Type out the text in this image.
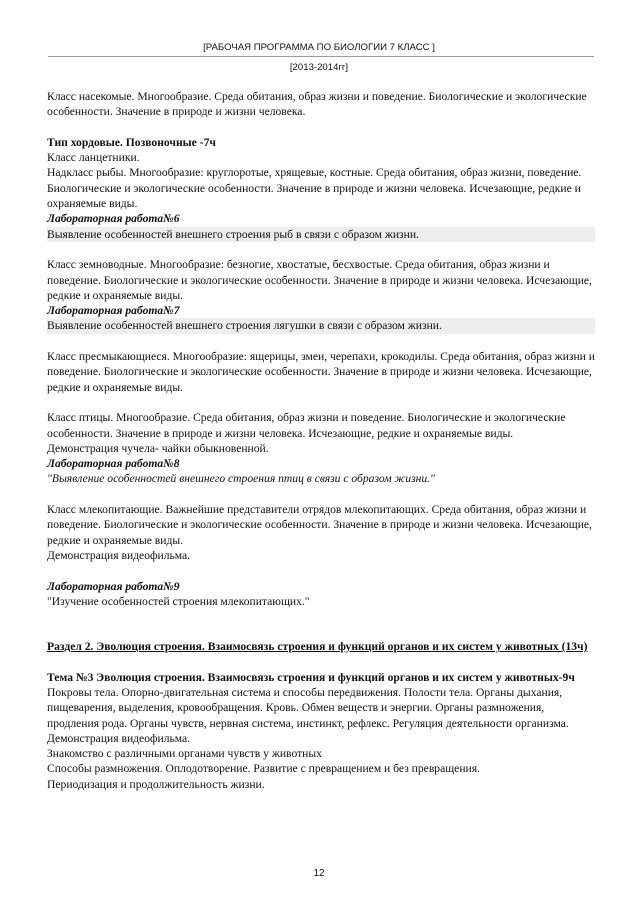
[РАБОЧАЯ ПРОГРАММА ПО БИОЛОГИИ 7 КЛАСС ]
[2013-2014гг]

Класс насекомые. Многообразие. Среда обитания, образ жизни и поведение. Биологические и экологические особенности. Значение в природе и жизни человека.

Тип хордовые. Позвоночные -7ч

Класс ланцетники.

Надкласс рыбы. Многообразие: круглоротые, хрящевые, костные. Среда обитания, образ жизни, поведение. Биологические и экологические особенности. Значение в природе и жизни человека. Исчезающие, редкие и охраняемые виды.

Лабораторная работа№6

Выявление особенностей внешнего строения рыб в связи с образом жизни.

Класс земноводные. Многообразие: безногие, хвостатые, бесхвостые. Среда обитания, образ жизни и поведение. Биологические и экологические особенности. Значение в природе и жизни человека. Исчезающие, редкие и охраняемые виды.

Лабораторная работа№7

Выявление особенностей внешнего строения лягушки в связи с образом жизни.

Класс пресмыкающиеся. Многообразие: ящерицы, змеи, черепахи, крокодилы. Среда обитания, образ жизни и поведение. Биологические и экологические особенности. Значение в природе и жизни человека. Исчезающие, редкие и охраняемые виды.

Класс птицы. Многообразие. Среда обитания, образ жизни и поведение. Биологические и экологические особенности. Значение в природе и жизни человека. Исчезающие, редкие и охраняемые виды.

Демонстрация чучела- чайки обыкновенной.

Лабораторная работа№8

"Выявление особенностей внешнего строения птиц в связи с образом жизни."

Класс млекопитающие. Важнейшие представители отрядов млекопитающих. Среда обитания, образ жизни и поведение. Биологические и экологические особенности. Значение в природе и жизни человека. Исчезающие, редкие и охраняемые виды.

Демонстрация видеофильма.

Лабораторная работа№9

"Изучение особенностей строения млекопитающих."

Раздел 2. Эволюция строения. Взаимосвязь строения и функций органов и их систем у животных (13ч)

Тема №3 Эволюция строения. Взаимосвязь строения и функций органов и их систем у животных-9ч

Покровы тела. Опорно-двигательная система и способы передвижения. Полости тела. Органы дыхания, пищеварения, выделения, кровообращения. Кровь. Обмен веществ и энергии. Органы размножения, продления рода. Органы чувств, нервная система, инстинкт, рефлекс. Регуляция деятельности организма.

Демонстрация видеофильма.

Знакомство с различными органами чувств у животных

Способы размножения. Оплодотворение. Развитие с превращением и без превращения.

Периодизация и продолжительность жизни.

12
